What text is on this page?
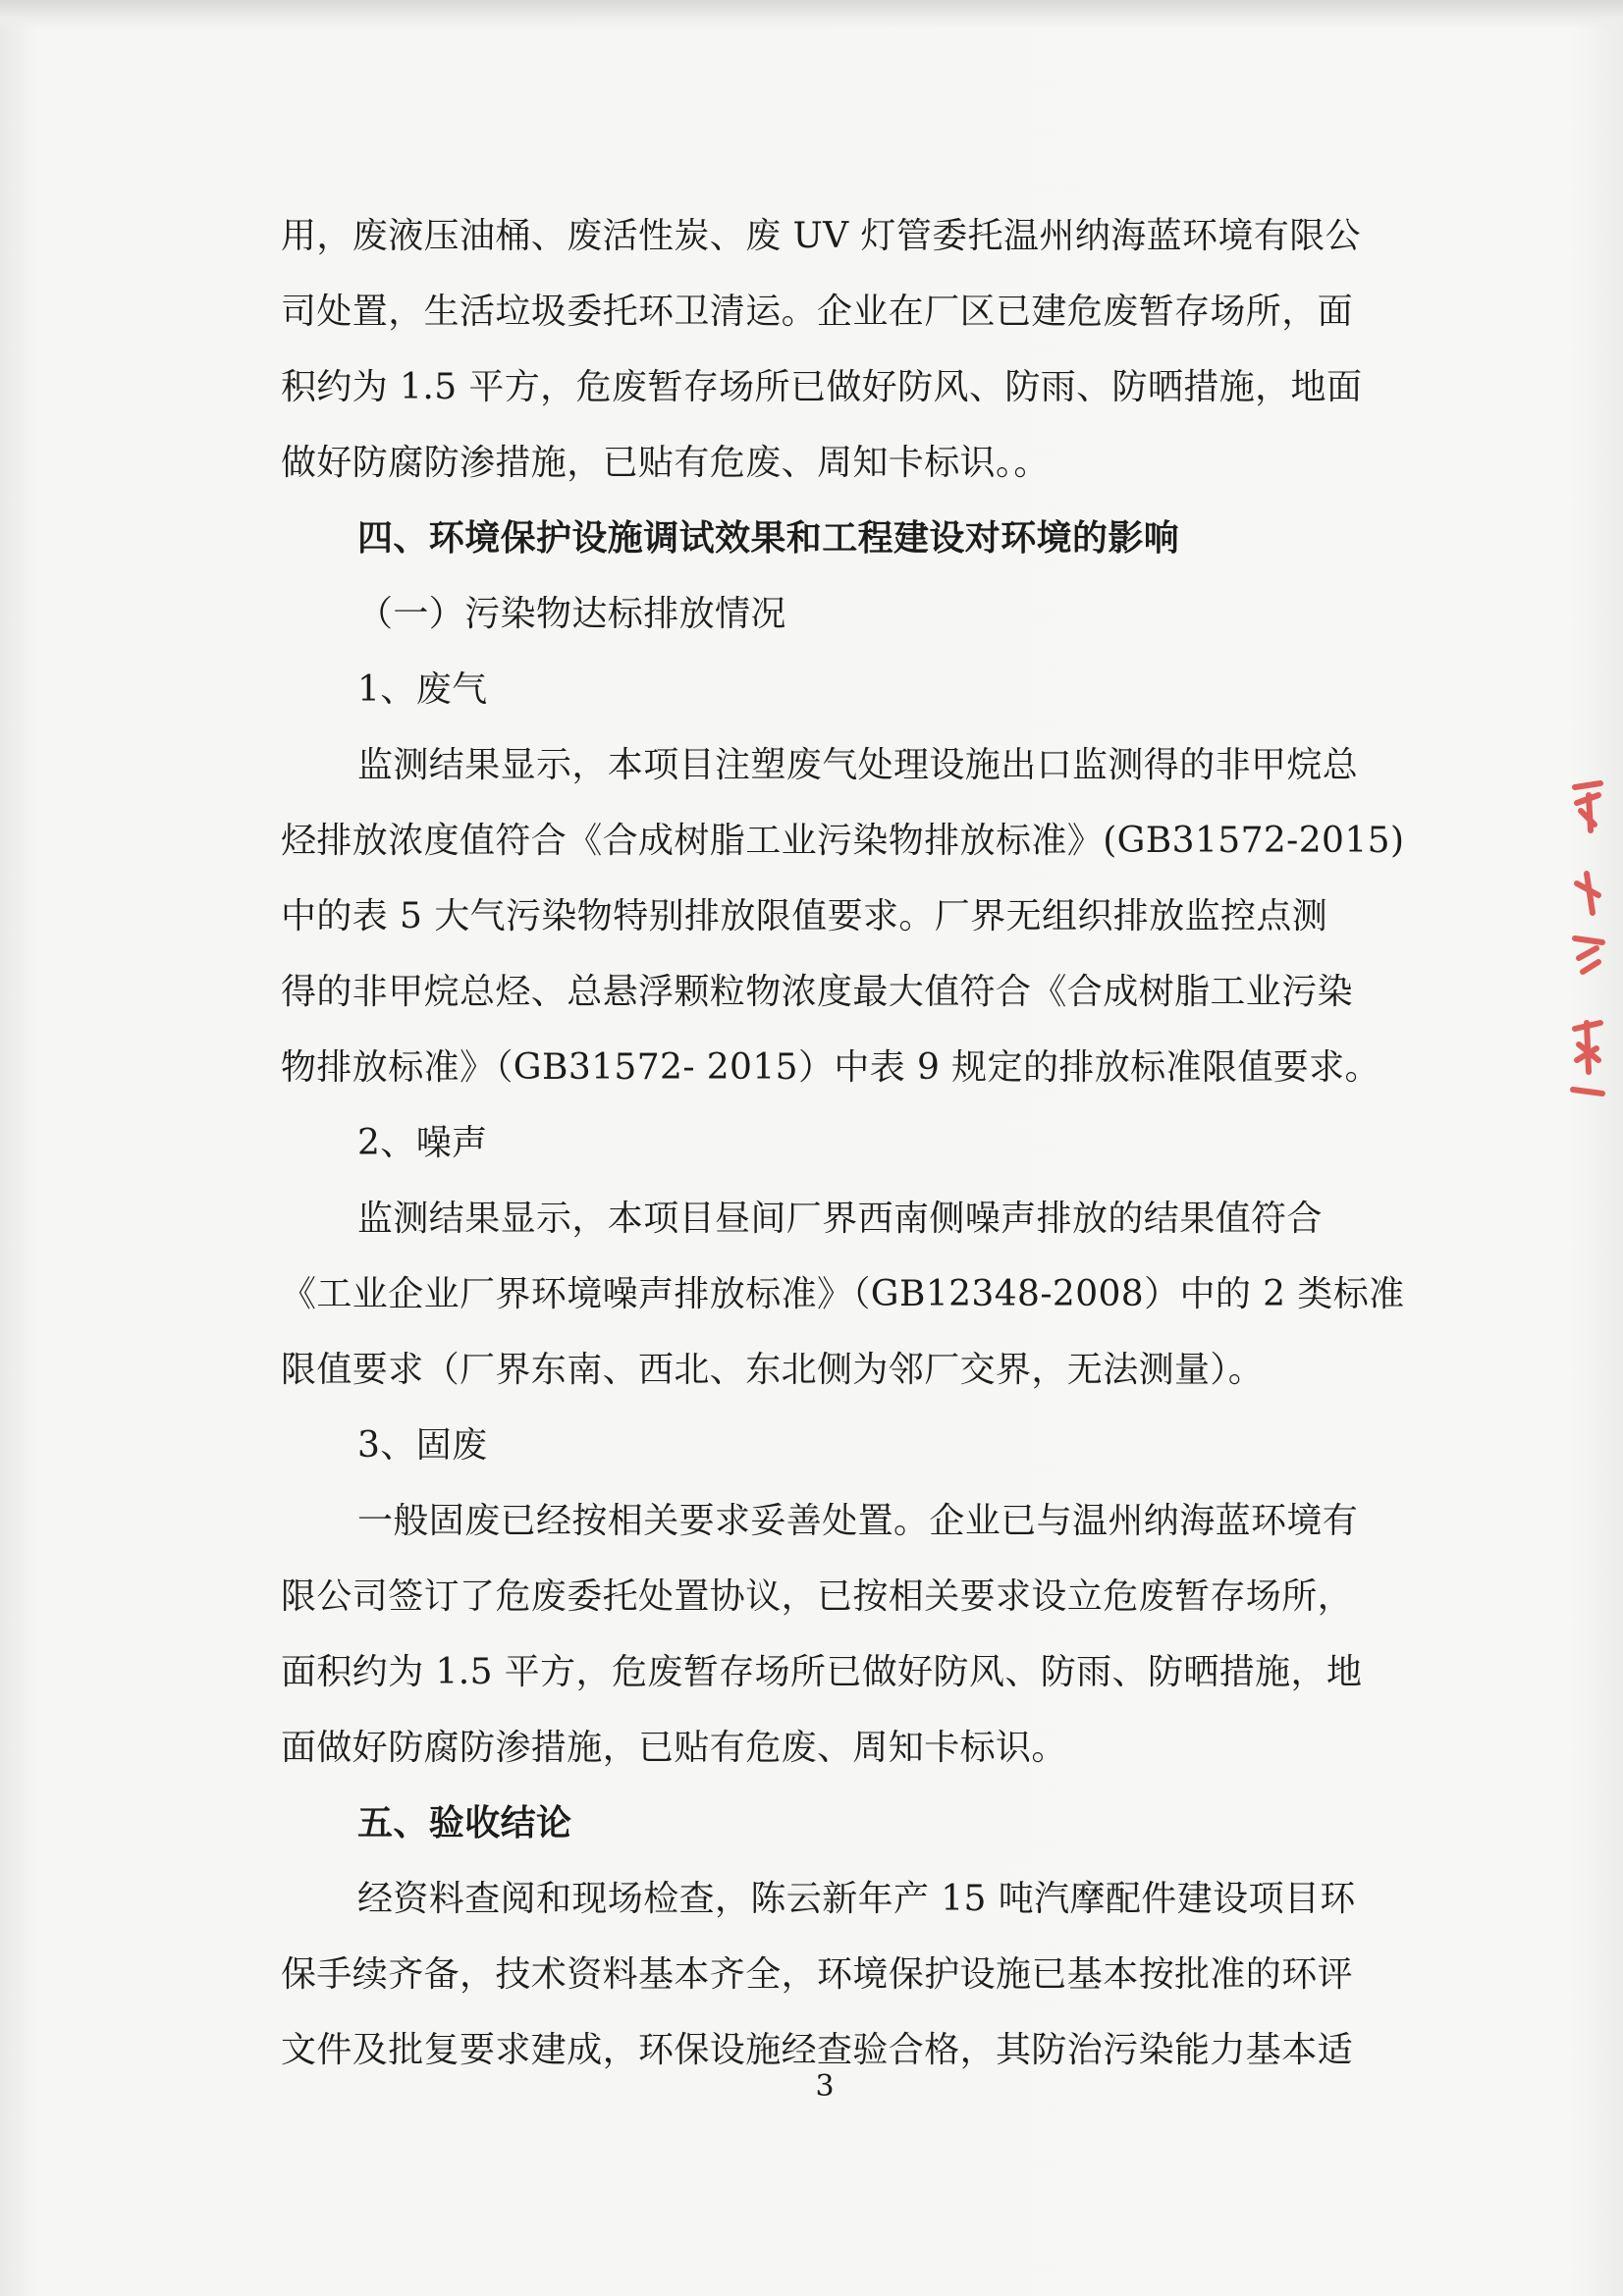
用，废液压油桶、废活性炭、废 UV 灯管委托温州纳海蓝环境有限公
司处置，生活垃圾委托环卫清运。企业在厂区已建危废暂存场所，面
积约为 1.5 平方，危废暂存场所已做好防风、防雨、防晒措施，地面
做好防腐防渗措施，已贴有危废、周知卡标识。。
四、环境保护设施调试效果和工程建设对环境的影响
（一）污染物达标排放情况
1、废气
监测结果显示，本项目注塑废气处理设施出口监测得的非甲烷总
烃排放浓度值符合《合成树脂工业污染物排放标准》(GB31572-2015)
中的表 5 大气污染物特别排放限值要求。厂界无组织排放监控点测
得的非甲烷总烃、总悬浮颗粒物浓度最大值符合《合成树脂工业污染
物排放标准》（GB31572- 2015）中表 9 规定的排放标准限值要求。
2、噪声
监测结果显示，本项目昼间厂界西南侧噪声排放的结果值符合
《工业企业厂界环境噪声排放标准》（GB12348-2008）中的 2 类标准
限值要求（厂界东南、西北、东北侧为邻厂交界，无法测量）。
3、固废
一般固废已经按相关要求妥善处置。企业已与温州纳海蓝环境有
限公司签订了危废委托处置协议，已按相关要求设立危废暂存场所，
面积约为 1.5 平方，危废暂存场所已做好防风、防雨、防晒措施，地
面做好防腐防渗措施，已贴有危废、周知卡标识。
五、验收结论
经资料查阅和现场检查，陈云新年产 15 吨汽摩配件建设项目环
保手续齐备，技术资料基本齐全，环境保护设施已基本按批准的环评
文件及批复要求建成，环保设施经查验合格，其防治污染能力基本适
3
